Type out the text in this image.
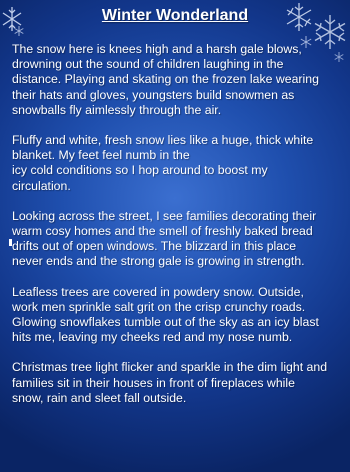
Winter Wonderland

The snow here is knees high and a harsh gale blows,
drowning out the sound of children laughing in the
distance. Playing and skating on the frozen lake wearing
their hats and gloves, youngsters build snowmen as
snowballs fly aimlessly through the air.

Fluffy and white, fresh snow lies like a huge, thick white
blanket. My feet feel numb in the
icy cold conditions so I hop around to boost my
circulation.

Looking across the street, I see families decorating their
warm cosy homes and the smell of freshly baked bread
drifts out of open windows. The blizzard in this place
never ends and the strong gale is growing in strength.

Leafless trees are covered in powdery snow. Outside,
work men sprinkle salt grit on the crisp crunchy roads.
Glowing snowflakes tumble out of the sky as an icy blast
hits me, leaving my cheeks red and my nose numb.

Christmas tree light flicker and sparkle in the dim light and
families sit in their houses in front of fireplaces while
snow, rain and sleet fall outside.
